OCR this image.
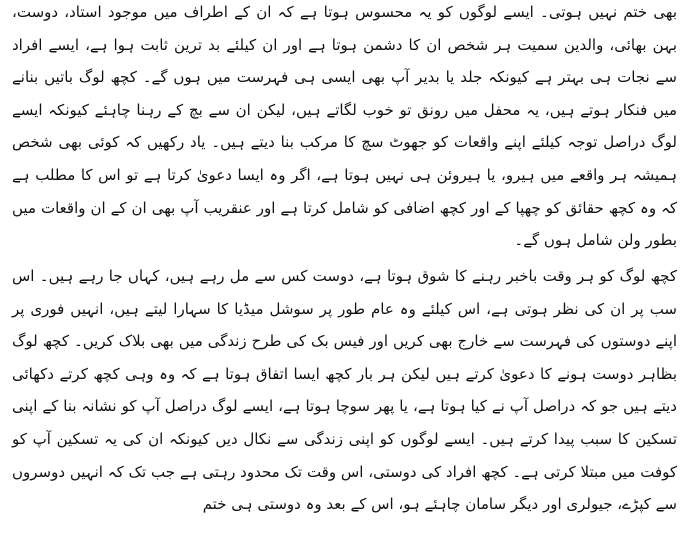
بھی ختم نہیں ہوتی۔ ایسے لوگوں کو یہ محسوس ہوتا ہے کہ ان کے اطراف میں موجود استاد، دوست، بہن بھائی، والدین سمیت ہر شخص ان کا دشمن ہوتا ہے اور ان کیلئے بد ترین ثابت ہوا ہے، ایسے افراد سے نجات ہی بہتر ہے کیونکہ جلد یا بدیر آپ بھی ایسی ہی فہرست میں ہوں گے۔ کچھ لوگ باتیں بنانے میں فنکار ہوتے ہیں، یہ محفل میں رونق تو خوب لگاتے ہیں، لیکن ان سے بچ کے رہنا چاہئے کیونکہ ایسے لوگ دراصل توجہ کیلئے اپنے واقعات کو جھوٹ سچ کا مرکب بنا دیتے ہیں۔ یاد رکھیں کہ کوئی بھی شخص ہمیشہ ہر واقعے میں ہیرو، یا ہیروئن ہی نہیں ہوتا ہے، اگر وہ ایسا دعویٰ کرتا ہے تو اس کا مطلب ہے کہ وہ کچھ حقائق کو چھپا کے اور کچھ اضافی کو شامل کرتا ہے اور عنقریب آپ بھی ان کے ان واقعات میں بطور ولن شامل ہوں گے۔

کچھ لوگ کو ہر وقت باخبر رہنے کا شوق ہوتا ہے، دوست کس سے مل رہے ہیں، کہاں جا رہے ہیں۔ اس سب پر ان کی نظر ہوتی ہے، اس کیلئے وہ عام طور پر سوشل میڈیا کا سہارا لیتے ہیں، انہیں فوری پر اپنے دوستوں کی فہرست سے خارج بھی کریں اور فیس بک کی طرح زندگی میں بھی بلاک کریں۔ کچھ لوگ بظاہر دوست ہونے کا دعویٰ کرتے ہیں لیکن ہر بار کچھ ایسا اتفاق ہوتا ہے کہ وہ وہی کچھ کرتے دکھائی دیتے ہیں جو کہ دراصل آپ نے کیا ہوتا ہے، یا پھر سوچا ہوتا ہے، ایسے لوگ دراصل آپ کو نشانہ بنا کے اپنی تسکین کا سبب پیدا کرتے ہیں۔ ایسے لوگوں کو اپنی زندگی سے نکال دیں کیونکہ ان کی یہ تسکین آپ کو کوفت میں مبتلا کرتی ہے۔ کچھ افراد کی دوستی، اس وقت تک محدود رہتی ہے جب تک کہ انہیں دوسروں سے کپڑے، جیولری اور دیگر سامان چاہئے ہو، اس کے بعد وہ دوستی ہی ختم
